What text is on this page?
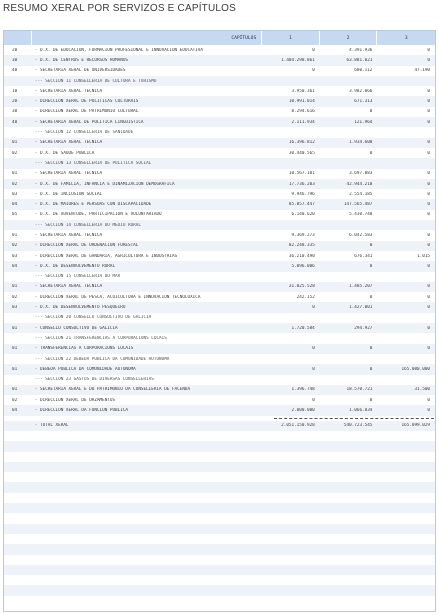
RESUMO XERAL POR SERVIZOS E CAPÍTULOS
CAPÍTULOS	1	2	3
20	- D.X. DE EDUCACIÓN, FORMACIÓN PROFESIONAL E INNOVACIÓN EDUCATIVA	0	4.391.936	0
30	- D.X. DE CENTROS E RECURSOS HUMANOS	1.404.298.861	63.881.021	0
40	- SECRETARÍA XERAL DE UNIVERSIDADES	0	680.112	47.190
--- SECCIÓN 11 CONSELLERÍA DE CULTURA E TURISMO
10	- SECRETARÍA XERAL TÉCNICA	3.950.361	3.982.066	0
20	- DIRECCIÓN XERAL DE POLÍTICAS CULTURAIS	10.991.014	671.313	0
30	- DIRECCIÓN XERAL DE PATRIMONIO CULTURAL	8.294.616	0	0
40	- SECRETARÍA XERAL DE POLÍTICA LINGÜÍSTICA	2.111.934	121.964	0
--- SECCIÓN 12 CONSELLERÍA DE SANIDADE
01	- SECRETARÍA XERAL TÉCNICA	16.396.812	1.934.600	0
02	- D.X. DE SAÚDE PÚBLICA	30.440.565	0	0
--- SECCIÓN 13 CONSELLERÍA DE POLÍTICA SOCIAL
01	- SECRETARÍA XERAL TÉCNICA	10.567.101	3.697.883	0
02	- D.X. DE FAMILIA, INFANCIA E DINAMIZACIÓN DEMOGRÁFICA	17.736.203	42.944.210	0
03	- D.X. DE INCLUSIÓN SOCIAL	9.946.796	2.554.185	0
04	- D.X. DE MAIORES E PERSOAS CON DISCAPACIDADE	85.857.447	147.565.487	0
05	- D.X. DE XUVENTUDE, PARTICIPACIÓN E VOLUNTARIADO	6.140.620	5.430.740	0
--- SECCIÓN 14 CONSELLERÍA DO MEDIO RURAL
01	- SECRETARÍA XERAL TÉCNICA	9.369.273	6.042.583	0
02	- DIRECCIÓN XERAL DE ORDENACIÓN FORESTAL	82.248.335	0	0
03	- DIRECCIÓN XERAL DE GANDARÍA, AGRICULTURA E INDUSTRIAS	36.210.490	676.341	1.015
04	- D.X. DE DESENVOLVEMENTO RURAL	5.096.006	0	0
--- SECCIÓN 15 CONSELLERÍA DO MAR
01	- SECRETARÍA XERAL TÉCNICA	31.025.528	1.485.207	0
02	- DIRECCIÓN XERAL DE PESCA, ACUICULTURA E INNOVACIÓN TECNOLÓXICA	242.152	0	0
03	- D.X. DE DESENVOLVEMENTO PESQUEIRO	0	1.427.001	0
--- SECCIÓN 20 CONSELLO CONSULTIVO DE GALICIA
01	- CONSELLO CONSULTIVO DE GALICIA	1.720.584	294.927	0
--- SECCIÓN 21 TRANSFERENCIAS A CORPORACIÓNS LOCAIS
01	- TRANSFERENCIAS A CORPORACIÓNS LOCAIS	0	0	0
--- SECCIÓN 22 DÉBEDA PÚBLICA DA COMUNIDADE AUTÓNOMA
01	- DÉBEDA PÚBLICA DA COMUNIDADE AUTÓNOMA	0	0	165.000.000
--- SECCIÓN 23 GASTOS DE DIVERSAS CONSELLERÍAS
01	- SECRETARÍA XERAL E DO PATRIMONIO DA CONSELLERÍA DE FACENDA	1.396.748	18.570.721	31.500
02	- DIRECCIÓN XERAL DE ORZAMENTOS	0	0	0
04	- DIRECCIÓN XERAL DA FUNCIÓN PÚBLICA	2.000.000	1.066.834	0
- TOTAL XERAL	2.051.150.920	540.723.545	165.099.029
